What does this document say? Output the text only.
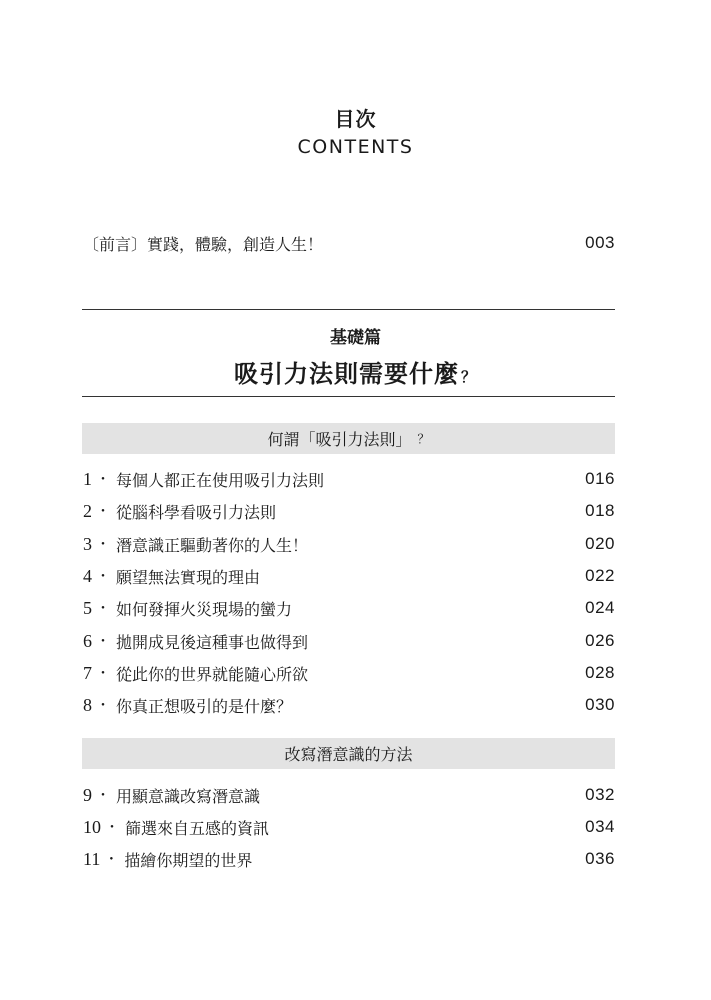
目次
CONTENTS
〔前言〕實踐，體驗，創造人生！	003
基礎篇
吸引力法則需要什麼 ？
何謂「吸引力法則」 ？
1 ・ 每個人都正在使用吸引力法則	016
2 ・ 從腦科學看吸引力法則	018
3 ・ 潛意識正驅動著你的人生！	020
4 ・ 願望無法實現的理由	022
5 ・ 如何發揮火災現場的蠻力	024
6 ・ 拋開成見後這種事也做得到	026
7 ・ 從此你的世界就能隨心所欲	028
8 ・ 你真正想吸引的是什麼？	030
改寫潛意識的方法
9 ・ 用顯意識改寫潛意識	032
10 ・ 篩選來自五感的資訊	034
11 ・ 描繪你期望的世界	036
